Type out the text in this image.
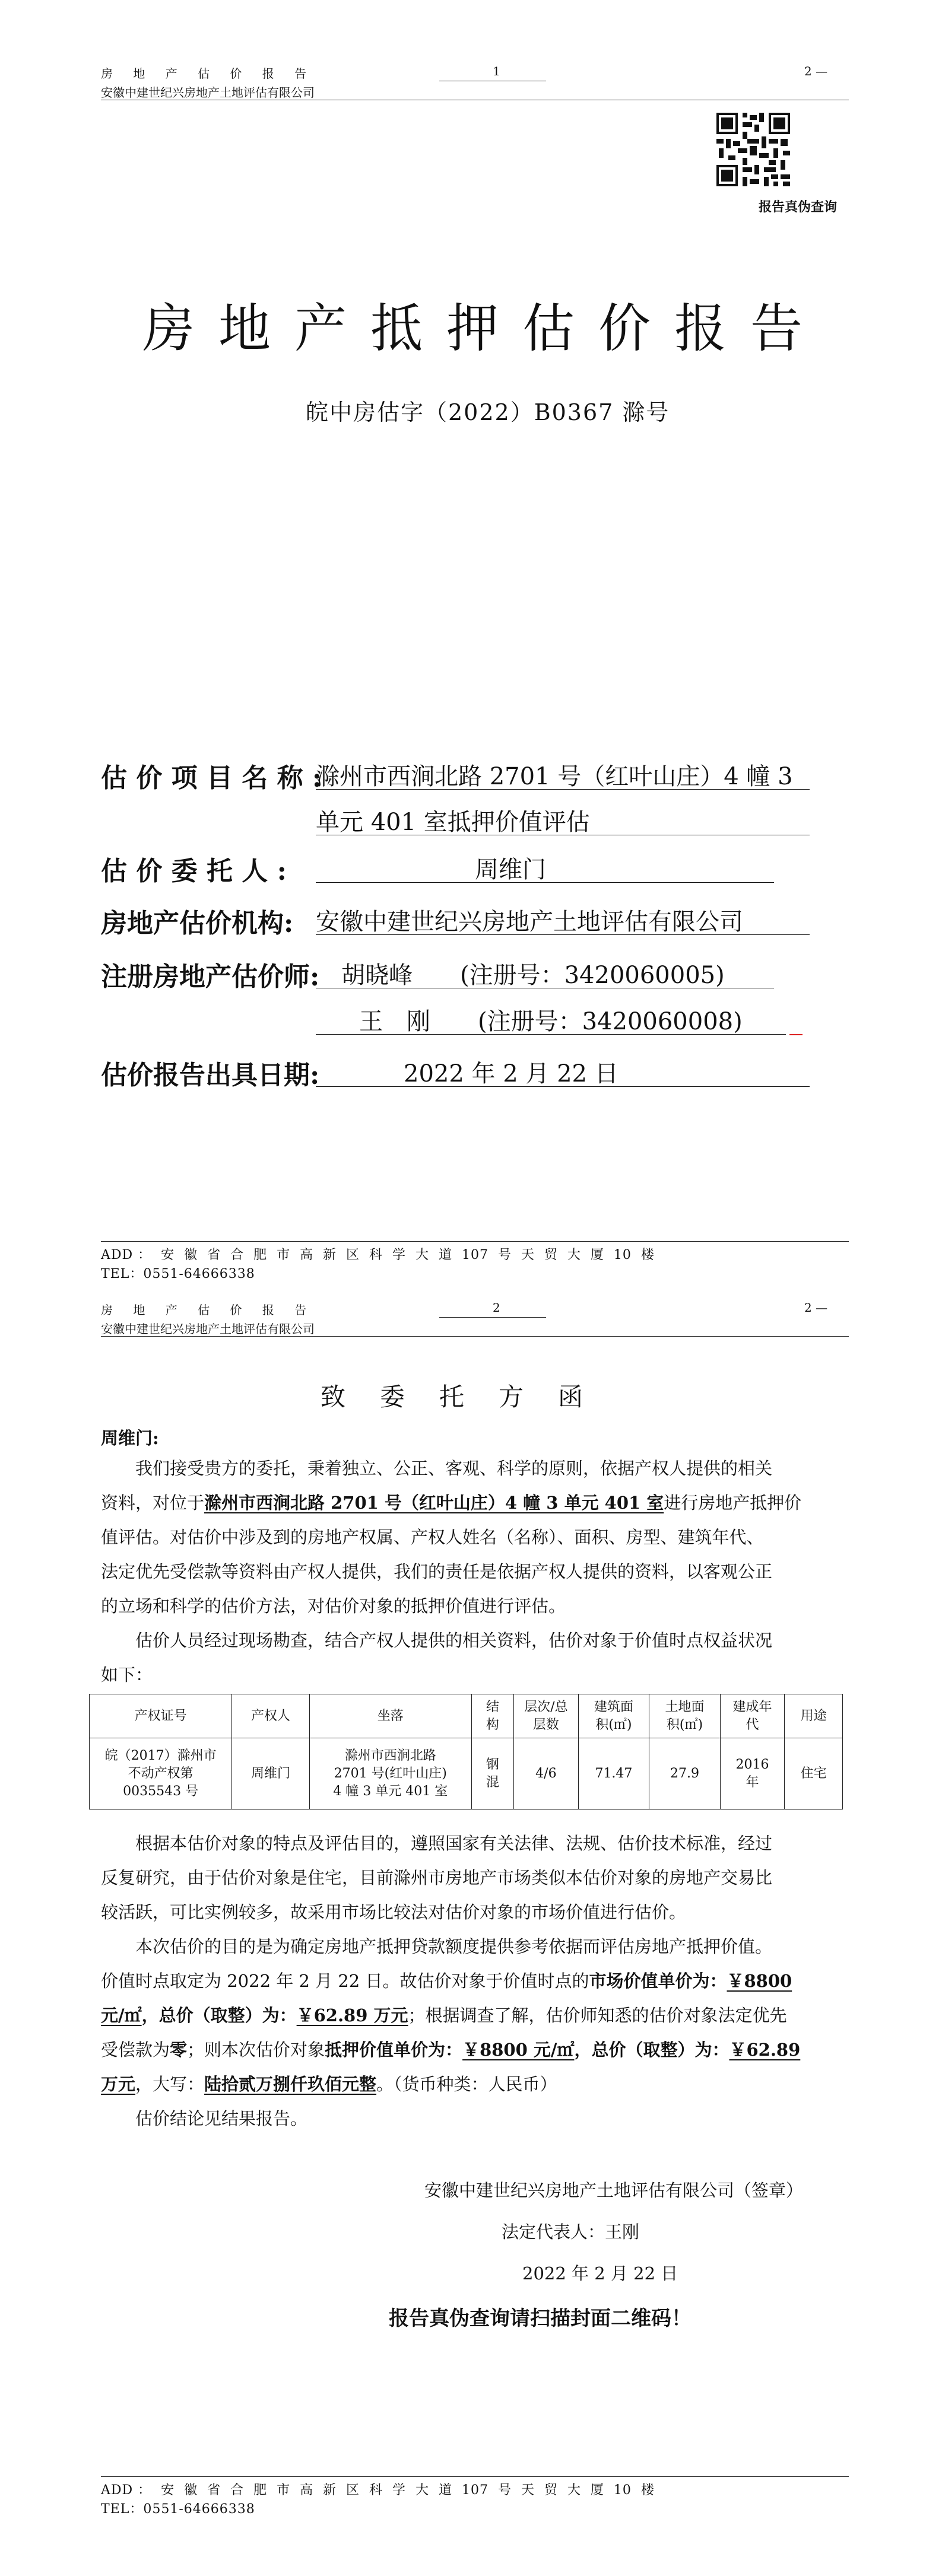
房 地 产 估 价 报 告
安徽中建世纪兴房地产土地评估有限公司
1	2 —
报告真伪查询
房地产抵押估价报告
皖中房估字（2022）B0367 滁号
估 价 项 目 名 称 :
滁州市西涧北路 2701 号（红叶山庄）4 幢 3
单元 401 室抵押价值评估
估 价 委 托 人 :	周维门
房地产估价机构: 安徽中建世纪兴房地产土地评估有限公司
注册房地产估价师: 胡晓峰　　(注册号：3420060005)
王　刚　　(注册号：3420060008)
估价报告出具日期:	2022 年 2 月 22 日
ADD ：  安  徽  省  合  肥  市  高  新  区  科  学  大  道  107  号  天  贸  大  厦  10  楼
TEL：0551-64666338
房 地 产 估 价 报 告
安徽中建世纪兴房地产土地评估有限公司
2	2 —
致委托方函
周维门:
我们接受贵方的委托，秉着独立、公正、客观、科学的原则，依据产权人提供的相关
资料，对位于滁州市西涧北路 2701 号（红叶山庄）4 幢 3 单元 401 室进行房地产抵押价
值评估。对估价中涉及到的房地产权属、产权人姓名（名称）、面积、房型、建筑年代、
法定优先受偿款等资料由产权人提供，我们的责任是依据产权人提供的资料，以客观公正
的立场和科学的估价方法，对估价对象的抵押价值进行评估。
估价人员经过现场勘查，结合产权人提供的相关资料，估价对象于价值时点权益状况
如下：
产权证号	产权人	坐落	结
构	层次/总
层数	建筑面
积(㎡)	土地面
积(㎡)	建成年
代	用途
皖（2017）滁州市
不动产权第
0035543 号	周维门	滁州市西涧北路
2701 号(红叶山庄)
4 幢 3 单元 401 室	钢
混	4/6	71.47	27.9	2016
年	住宅
根据本估价对象的特点及评估目的，遵照国家有关法律、法规、估价技术标准，经过
反复研究，由于估价对象是住宅，目前滁州市房地产市场类似本估价对象的房地产交易比
较活跃，可比实例较多，故采用市场比较法对估价对象的市场价值进行估价。
本次估价的目的是为确定房地产抵押贷款额度提供参考依据而评估房地产抵押价值。
价值时点取定为 2022 年 2 月 22 日。故估价对象于价值时点的市场价值单价为：￥8800
元/㎡，总价（取整）为：￥62.89 万元；根据调查了解，估价师知悉的估价对象法定优先
受偿款为零；则本次估价对象抵押价值单价为：￥8800 元/㎡，总价（取整）为：￥62.89
万元，大写：陆拾贰万捌仟玖佰元整。（货币种类：人民币）
估价结论见结果报告。
安徽中建世纪兴房地产土地评估有限公司（签章）
法定代表人：王刚
2022 年 2 月 22 日
报告真伪查询请扫描封面二维码！
ADD ：  安  徽  省  合  肥  市  高  新  区  科  学  大  道  107  号  天  贸  大  厦  10  楼
TEL：0551-64666338
